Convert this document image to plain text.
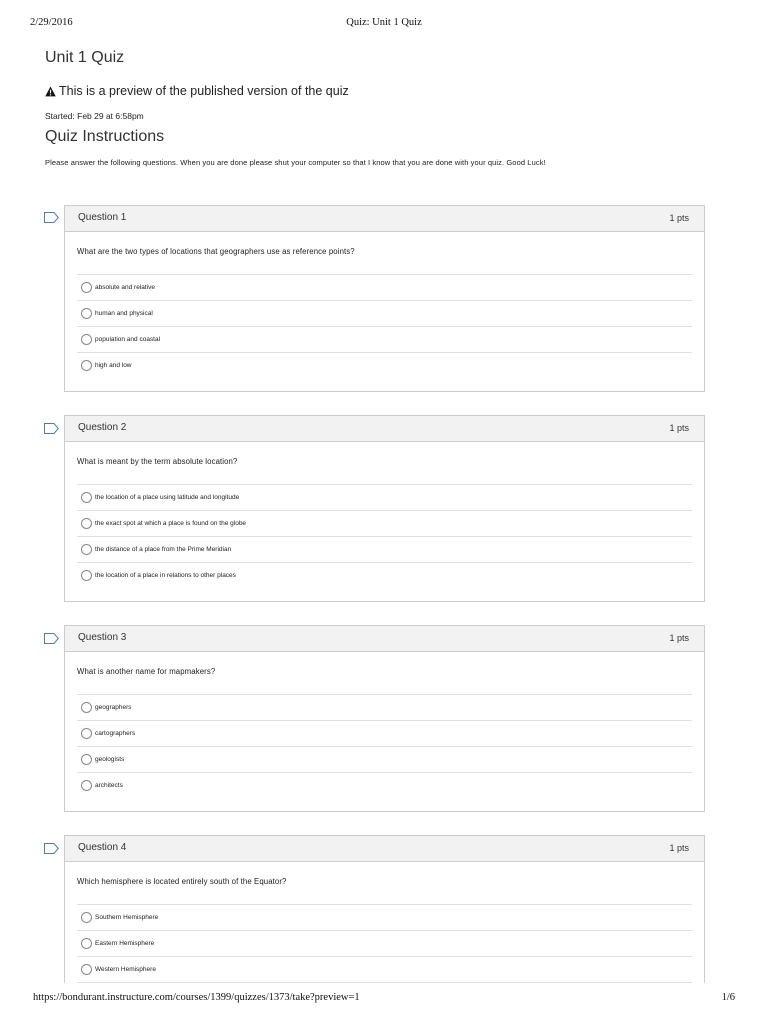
2/29/2016	Quiz: Unit 1 Quiz
Unit 1 Quiz
This is a preview of the published version of the quiz
Started: Feb 29 at 6:58pm
Quiz Instructions
Please answer the following questions. When you are done please shut your computer so that I know that you are done with your quiz. Good Luck!
Question 1	1 pts
What are the two types of locations that geographers use as reference points?
absolute and relative
human and physical
population and coastal
high and low
Question 2	1 pts
What is meant by the term absolute location?
the location of a place using latitude and longitude
the exact spot at which a place is found on the globe
the distance of a place from the Prime Meridian
the location of a place in relations to other places
Question 3	1 pts
What is another name for mapmakers?
geographers
cartographers
geologists
architects
Question 4	1 pts
Which hemisphere is located entirely south of the Equator?
Southern Hemisphere
Eastern Hemisphere
Western Hemisphere
https://bondurant.instructure.com/courses/1399/quizzes/1373/take?preview=1	1/6
